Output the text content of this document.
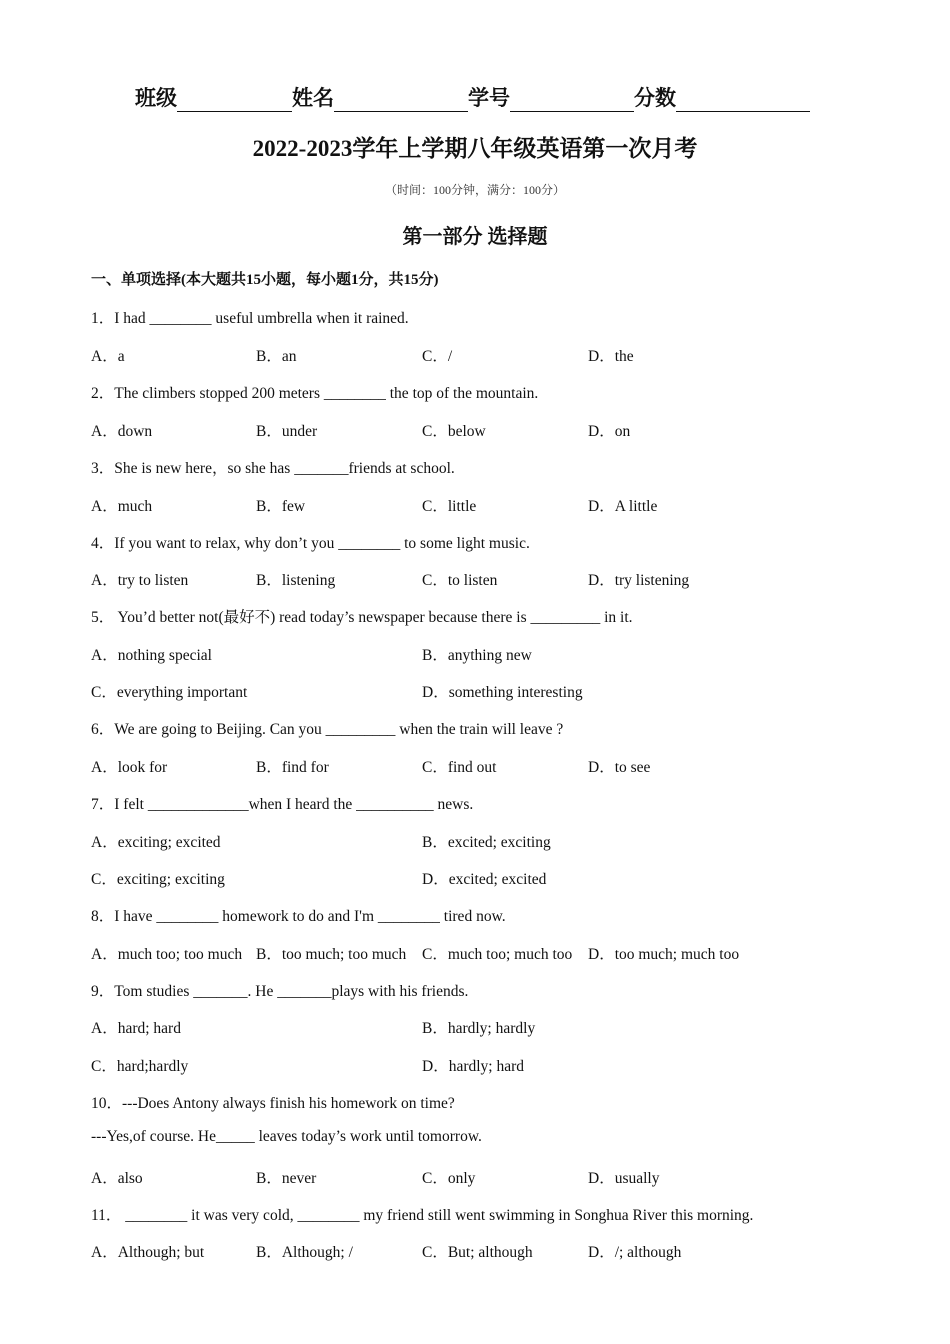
班级	姓名	学号	分数
2022-2023学年上学期八年级英语第一次月考
（时间：100分钟，满分：100分）
第一部分 选择题
一、单项选择(本大题共15小题，每小题1分，共15分)
1．I had ________ useful umbrella when it rained.
A．a	B．an	C．/	D．the
2．The climbers stopped 200 meters ________ the top of the mountain.
A．down	B．under	C．below	D．on
3．She is new here，so she has _______friends at school.
A．much	B．few	C．little	D．A little
4．If you want to relax, why don’t you ________ to some light music.
A．try to listen	B．listening	C．to listen	D．try listening
5． You’d better not(最好不) read today’s newspaper because there is _________ in it.
A．nothing special	B．anything new
C．everything important	D．something interesting
6．We are going to Beijing. Can you _________ when the train will leave ?
A．look for	B．find for	C．find out	D．to see
7．I felt _____________when I heard the __________ news.
A．exciting; excited	B．excited; exciting
C．exciting; exciting	D．excited; excited
8．I have ________ homework to do and I'm ________ tired now.
A．much too; too much B．too much; too much C．much too; much too D．too much; much too
9．Tom studies _______. He _______plays with his friends.
A．hard; hard	B．hardly; hardly
C．hard;hardly	D．hardly; hard
10．---Does Antony always finish his homework on time?
---Yes,of course. He_____ leaves today’s work until tomorrow.
A．also	B．never	C．only	D．usually
11． ________ it was very cold, ________ my friend still went swimming in Songhua River this morning.
A．Although; but	B．Although; /	C．But; although	D．/; although
